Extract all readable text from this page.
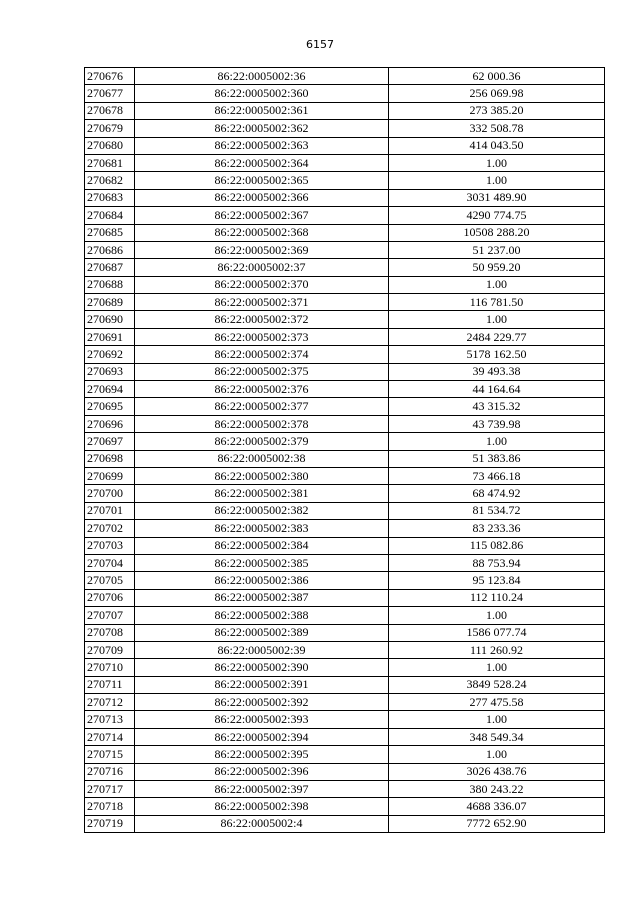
6157
270676	86:22:0005002:36	62 000.36
270677	86:22:0005002:360	256 069.98
270678	86:22:0005002:361	273 385.20
270679	86:22:0005002:362	332 508.78
270680	86:22:0005002:363	414 043.50
270681	86:22:0005002:364	1.00
270682	86:22:0005002:365	1.00
270683	86:22:0005002:366	3031 489.90
270684	86:22:0005002:367	4290 774.75
270685	86:22:0005002:368	10508 288.20
270686	86:22:0005002:369	51 237.00
270687	86:22:0005002:37	50 959.20
270688	86:22:0005002:370	1.00
270689	86:22:0005002:371	116 781.50
270690	86:22:0005002:372	1.00
270691	86:22:0005002:373	2484 229.77
270692	86:22:0005002:374	5178 162.50
270693	86:22:0005002:375	39 493.38
270694	86:22:0005002:376	44 164.64
270695	86:22:0005002:377	43 315.32
270696	86:22:0005002:378	43 739.98
270697	86:22:0005002:379	1.00
270698	86:22:0005002:38	51 383.86
270699	86:22:0005002:380	73 466.18
270700	86:22:0005002:381	68 474.92
270701	86:22:0005002:382	81 534.72
270702	86:22:0005002:383	83 233.36
270703	86:22:0005002:384	115 082.86
270704	86:22:0005002:385	88 753.94
270705	86:22:0005002:386	95 123.84
270706	86:22:0005002:387	112 110.24
270707	86:22:0005002:388	1.00
270708	86:22:0005002:389	1586 077.74
270709	86:22:0005002:39	111 260.92
270710	86:22:0005002:390	1.00
270711	86:22:0005002:391	3849 528.24
270712	86:22:0005002:392	277 475.58
270713	86:22:0005002:393	1.00
270714	86:22:0005002:394	348 549.34
270715	86:22:0005002:395	1.00
270716	86:22:0005002:396	3026 438.76
270717	86:22:0005002:397	380 243.22
270718	86:22:0005002:398	4688 336.07
270719	86:22:0005002:4	7772 652.90
